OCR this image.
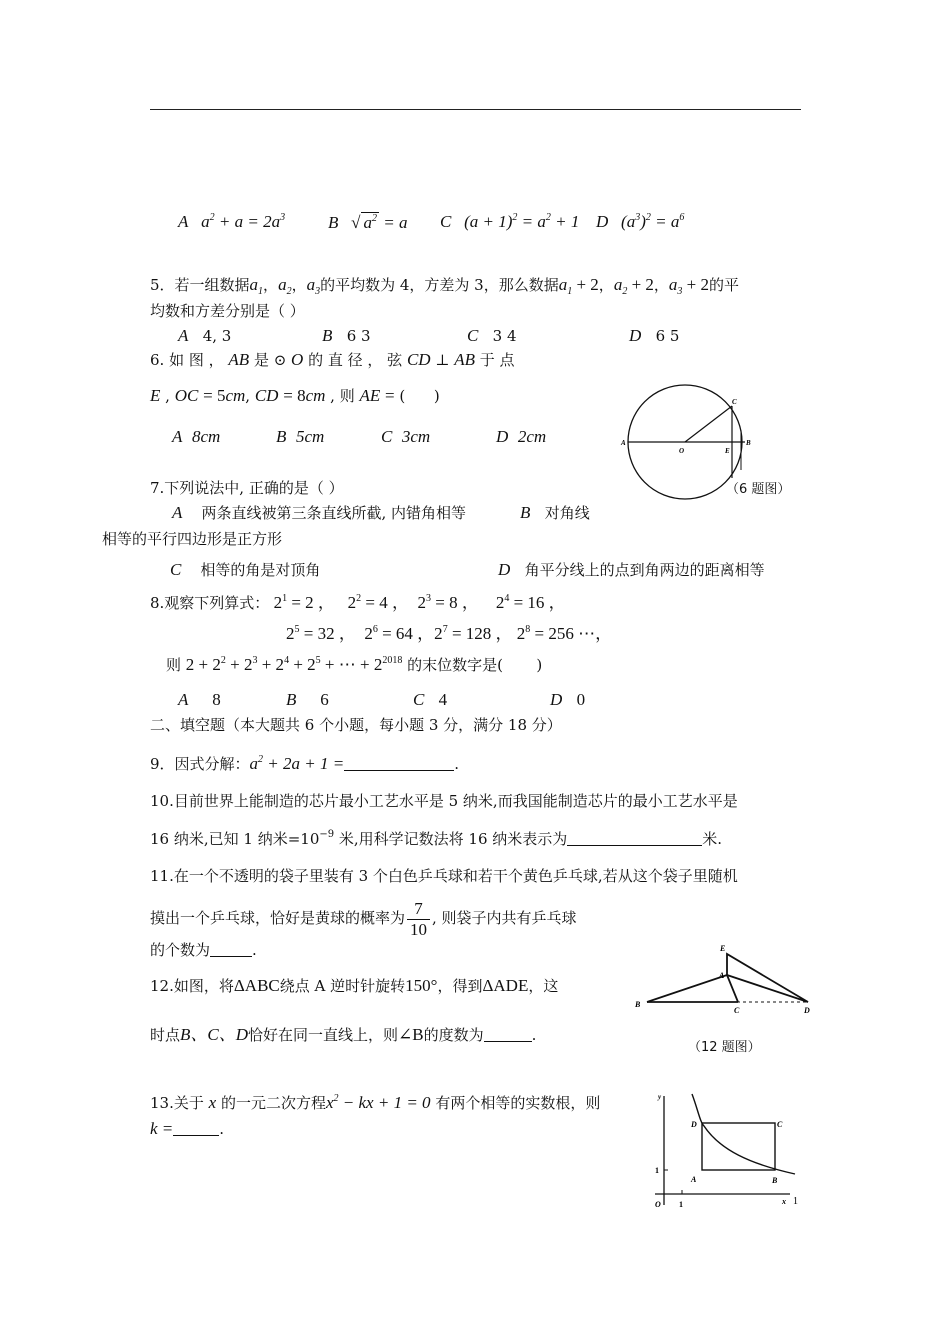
A   $a^2 + a = 2a^3$	B   √ $a^2 = a$ C   $(a + 1)^2 = a^2 + 1$ D   $(a^3)^2 = a^6$
5．若一组数据$a_1$，$a_2$，$a_3$的平均数为 4，方差为 3，那么数据$a_1 + 2$，$a_2 + 2$，$a_3 + 2$的平
均数和方差分别是（ ）
A 4, 3	B 6 3	C 3 4	D 6 5
6. 如 图 ， AB 是 ⊙ O 的 直 径 ， 弦 CD ⊥ AB 于 点
E , OC = 5cm, CD = 8cm , 则 AE = (      )
A 8cm	B 5cm	C 3cm	D 2cm	A
O	E
B
C
（6 题图）
7.下列说法中, 正确的是（ ）
A 两条直线被第三条直线所截, 内错角相等	B 对角线
相等的平行四边形是正方形
C 相等的角是对顶角	D 角平分线上的点到角两边的距离相等
8.观察下列算式： $2^1 = 2$ ，   $2^2 = 4$ ，  $2^3 = 8$ ，    $2^4 = 16$ ，
$2^5 = 32$ ，  $2^6 = 64$ ，$2^7 = 128$ ， $2^8 = 256$ ⋯，
则 $2 + 2^2 + 2^3 + 2^4 + 2^5$ + ⋯ + $2^{2018}$ 的末位数字是(       )
A 8	B 6	C 4	D 0
二、填空题（本大题共 6 个小题，每小题 3 分，满分 18 分）
9．因式分解：$a^2 + 2a + 1$ =	.
10.目前世界上能制造的芯片最小工艺水平是 5 纳米,而我国能制造芯片的最小工艺水平是
16 纳米,已知 1 纳米$=10^{-9}$ 米,用科学记数法将 16 纳米表示为	米.
11.在一个不透明的袋子里装有 3 个白色乒乓球和若干个黄色乒乓球,若从这个袋子里随机
摸出一个乒乓球，恰好是黄球的概率为 $\frac{7}{10}$ , 则袋子内共有乒乓球
的个数为	.
12.如图，将ΔABC绕点 A 逆时针旋转150°，得到ΔADE，这
时点B、C、D恰好在同一直线上，则∠B的度数为	.
E
A
B
C	D
（12 题图）
13.关于 x 的一元二次方程$x^2$ − kx + 1 = 0 有两个相等的实数根，则
k =	.
y
D	C
1
A	B
O 1	x 1
